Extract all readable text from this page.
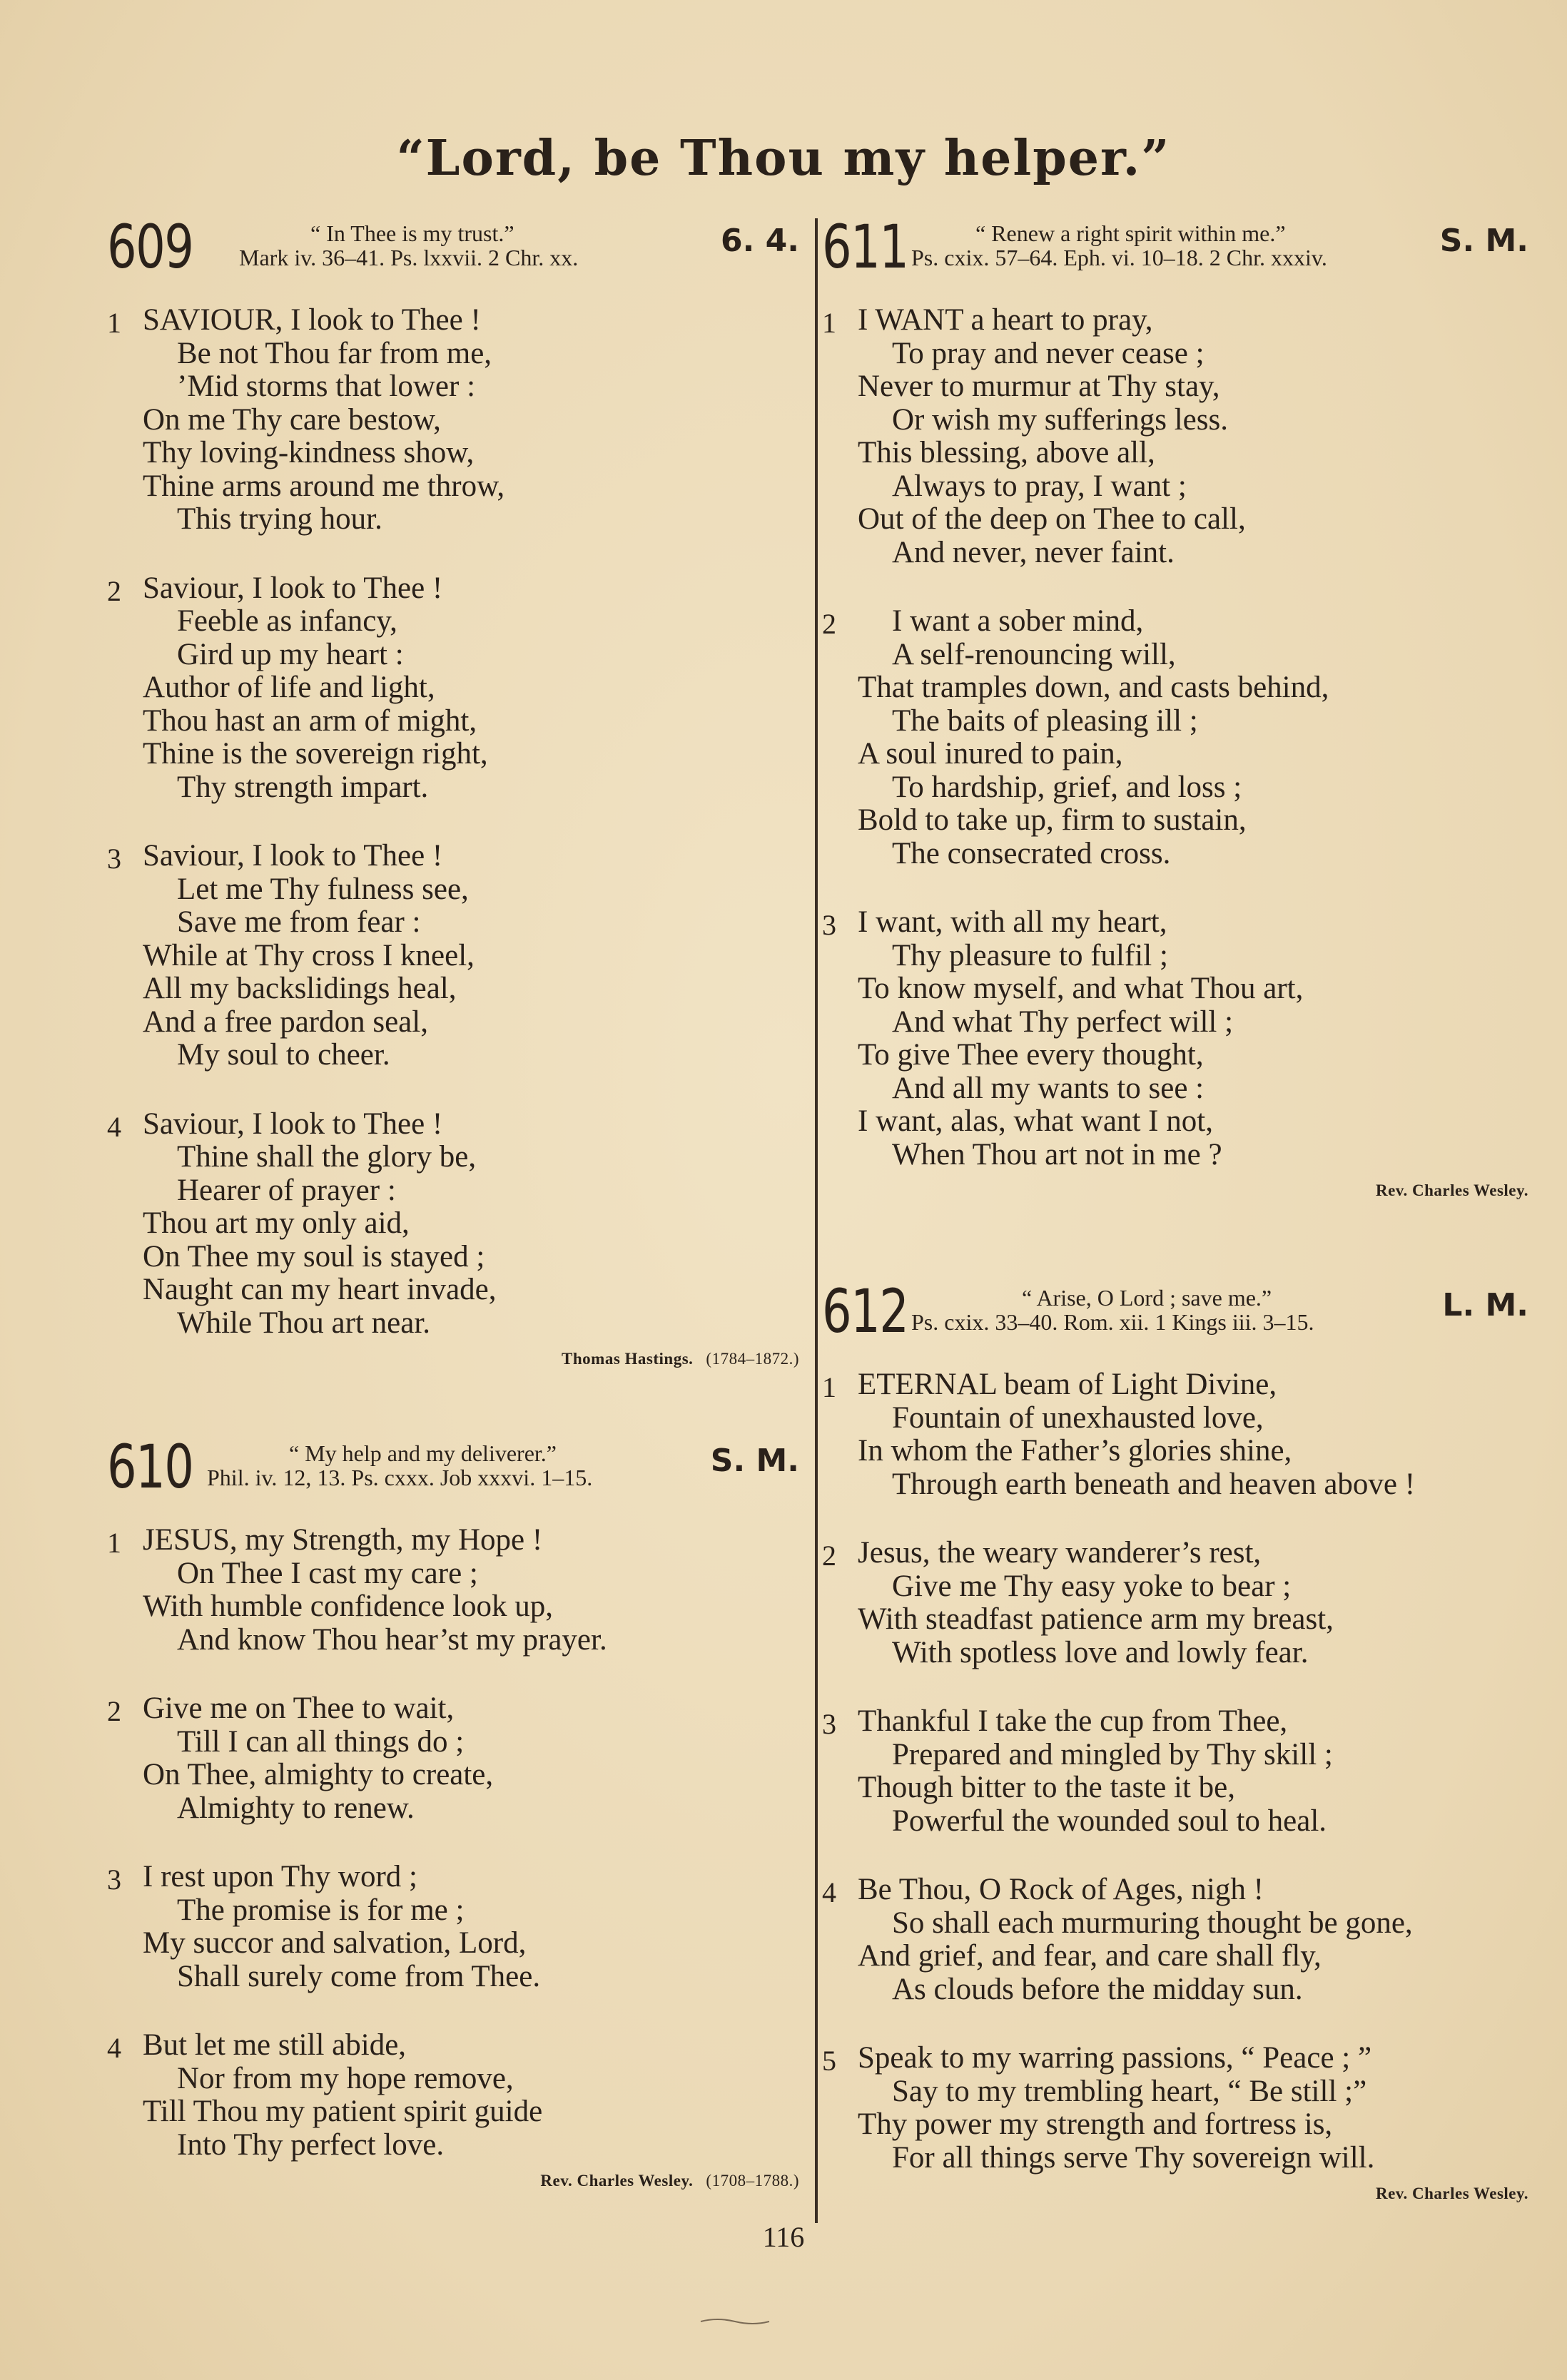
“Lord, be Thou my helper.”
609	“ In Thee is my trust.”
Mark iv. 36–41. Ps. lxxvii. 2 Chr. xx.	6. 4.
1 SAVIOUR, I look to Thee !
Be not Thou far from me,
’Mid storms that lower :
On me Thy care bestow,
Thy loving-kindness show,
Thine arms around me throw,
This trying hour.
2 Saviour, I look to Thee !
Feeble as infancy,
Gird up my heart :
Author of life and light,
Thou hast an arm of might,
Thine is the sovereign right,
Thy strength impart.
3 Saviour, I look to Thee !
Let me Thy fulness see,
Save me from fear :
While at Thy cross I kneel,
All my backslidings heal,
And a free pardon seal,
My soul to cheer.
4 Saviour, I look to Thee !
Thine shall the glory be,
Hearer of prayer :
Thou art my only aid,
On Thee my soul is stayed ;
Naught can my heart invade,
While Thou art near.
Thomas Hastings. (1784–1872.)
610	“ My help and my deliverer.”
Phil. iv. 12, 13. Ps. cxxx. Job xxxvi. 1–15.	S. M.
1 JESUS, my Strength, my Hope !
On Thee I cast my care ;
With humble confidence look up,
And know Thou hear’st my prayer.
2 Give me on Thee to wait,
Till I can all things do ;
On Thee, almighty to create,
Almighty to renew.
3 I rest upon Thy word ;
The promise is for me ;
My succor and salvation, Lord,
Shall surely come from Thee.
4 But let me still abide,
Nor from my hope remove,
Till Thou my patient spirit guide
Into Thy perfect love.
Rev. Charles Wesley. (1708–1788.)
611	“ Renew a right spirit within me.”
Ps. cxix. 57–64. Eph. vi. 10–18. 2 Chr. xxxiv.	S. M.
1 I WANT a heart to pray,
To pray and never cease ;
Never to murmur at Thy stay,
Or wish my sufferings less.
This blessing, above all,
Always to pray, I want ;
Out of the deep on Thee to call,
And never, never faint.
2	I want a sober mind,
A self-renouncing will,
That tramples down, and casts behind,
The baits of pleasing ill ;
A soul inured to pain,
To hardship, grief, and loss ;
Bold to take up, firm to sustain,
The consecrated cross.
3 I want, with all my heart,
Thy pleasure to fulfil ;
To know myself, and what Thou art,
And what Thy perfect will ;
To give Thee every thought,
And all my wants to see :
I want, alas, what want I not,
When Thou art not in me ?
Rev. Charles Wesley.
612	“ Arise, O Lord ; save me.”
Ps. cxix. 33–40. Rom. xii. 1 Kings iii. 3–15.	L. M.
1 ETERNAL beam of Light Divine,
Fountain of unexhausted love,
In whom the Father’s glories shine,
Through earth beneath and heaven above !
2 Jesus, the weary wanderer’s rest,
Give me Thy easy yoke to bear ;
With steadfast patience arm my breast,
With spotless love and lowly fear.
3 Thankful I take the cup from Thee,
Prepared and mingled by Thy skill ;
Though bitter to the taste it be,
Powerful the wounded soul to heal.
4 Be Thou, O Rock of Ages, nigh !
So shall each murmuring thought be gone,
And grief, and fear, and care shall fly,
As clouds before the midday sun.
5 Speak to my warring passions, “ Peace ; ”
Say to my trembling heart, “ Be still ;”
Thy power my strength and fortress is,
For all things serve Thy sovereign will.
Rev. Charles Wesley.
116
